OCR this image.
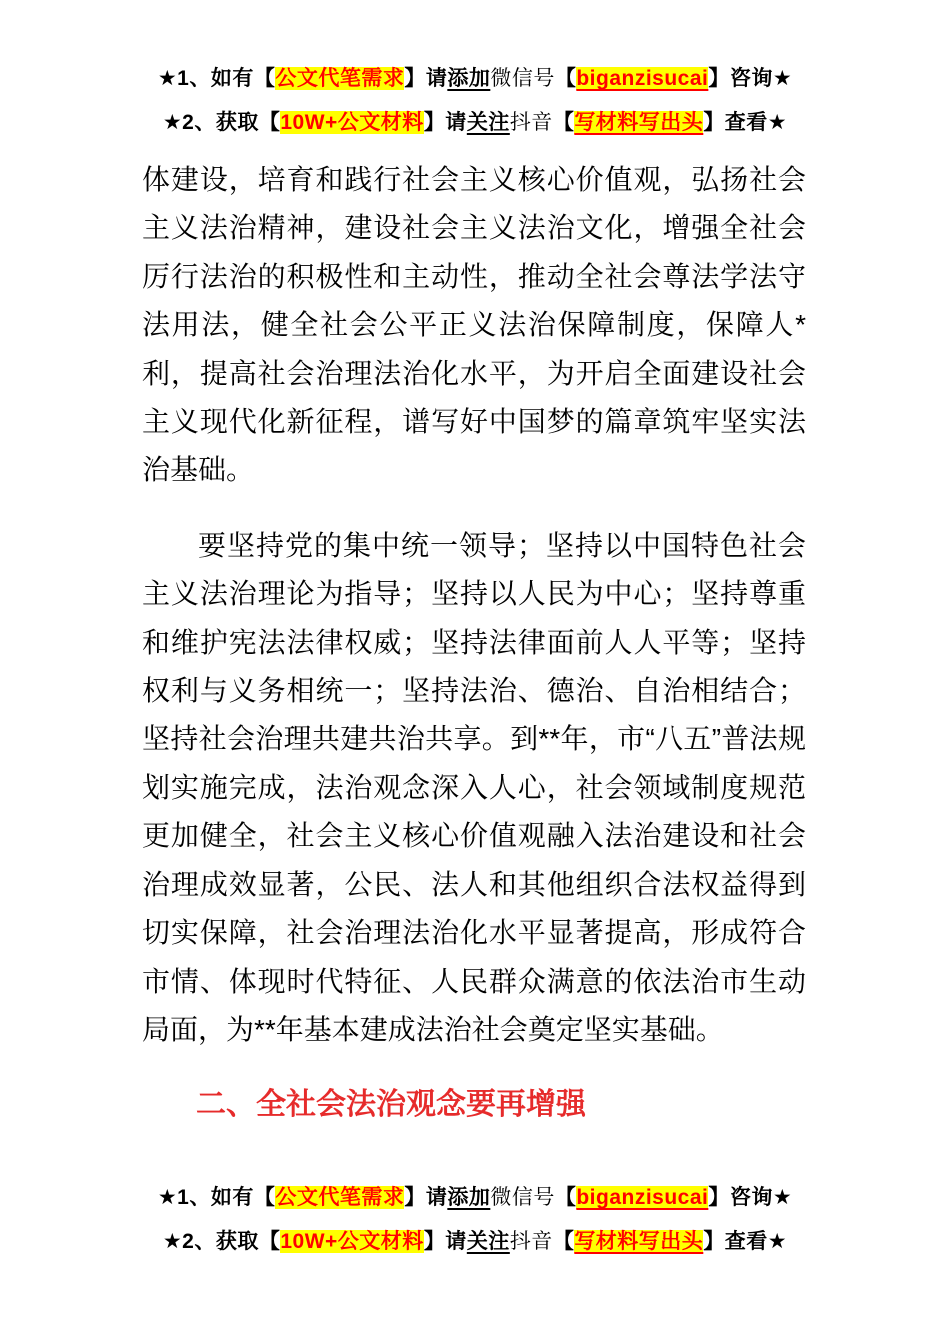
★1、如有【公文代笔需求】请添加微信号【biganzisucai】咨询★
★2、获取【10W+公文材料】请关注抖音【写材料写出头】查看★

体建设，培育和践行社会主义核心价值观，弘扬社会主义法治精神，建设社会主义法治文化，增强全社会厉行法治的积极性和主动性，推动全社会尊法学法守法用法，健全社会公平正义法治保障制度，保障人*利，提高社会治理法治化水平，为开启全面建设社会主义现代化新征程，谱写好中国梦的篇章筑牢坚实法治基础。

要坚持党的集中统一领导；坚持以中国特色社会主义法治理论为指导；坚持以人民为中心；坚持尊重和维护宪法法律权威；坚持法律面前人人平等；坚持权利与义务相统一；坚持法治、德治、自治相结合；坚持社会治理共建共治共享。到**年，市“八五”普法规划实施完成，法治观念深入人心，社会领域制度规范更加健全，社会主义核心价值观融入法治建设和社会治理成效显著，公民、法人和其他组织合法权益得到切实保障，社会治理法治化水平显著提高，形成符合市情、体现时代特征、人民群众满意的依法治市生动局面，为**年基本建成法治社会奠定坚实基础。

二、全社会法治观念要再增强
★1、如有【公文代笔需求】请添加微信号【biganzisucai】咨询★
★2、获取【10W+公文材料】请关注抖音【写材料写出头】查看★
